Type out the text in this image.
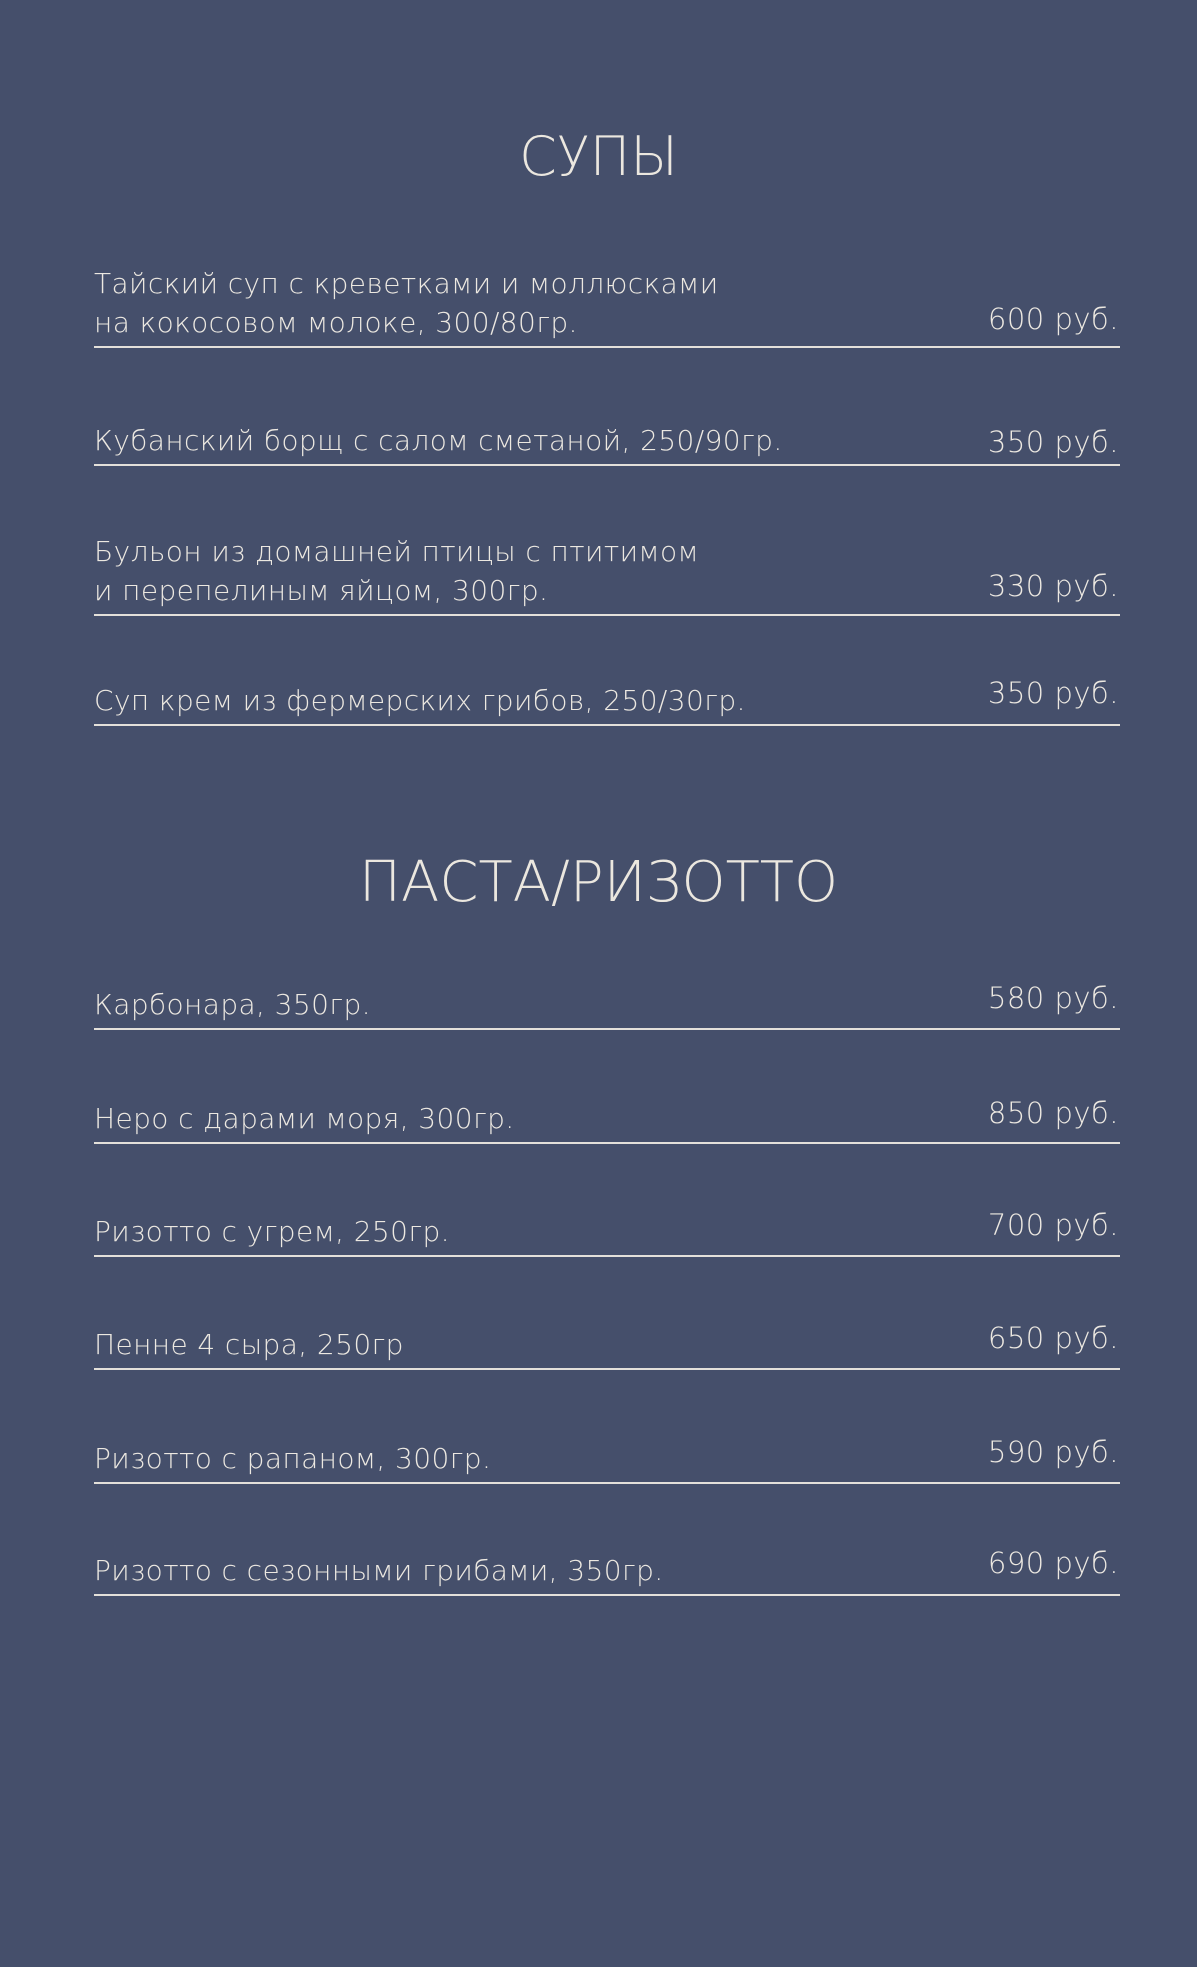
СУПЫ
Тайский суп с креветками и моллюсками
на кокосовом молоке, 300/80гр.	600 руб.
Кубанский борщ с салом сметаной, 250/90гр.	350 руб.
Бульон из домашней птицы с птитимом
и перепелиным яйцом, 300гр.	330 руб.
Суп крем из фермерских грибов, 250/30гр.	350 руб.
ПАСТА/РИЗОТТО
Карбонара, 350гр.	580 руб.
Неро с дарами моря, 300гр.	850 руб.
Ризотто с угрем, 250гр.	700 руб.
Пенне 4 сыра, 250гр	650 руб.
Ризотто с рапаном, 300гр.	590 руб.
Ризотто с сезонными грибами, 350гр.	690 руб.
